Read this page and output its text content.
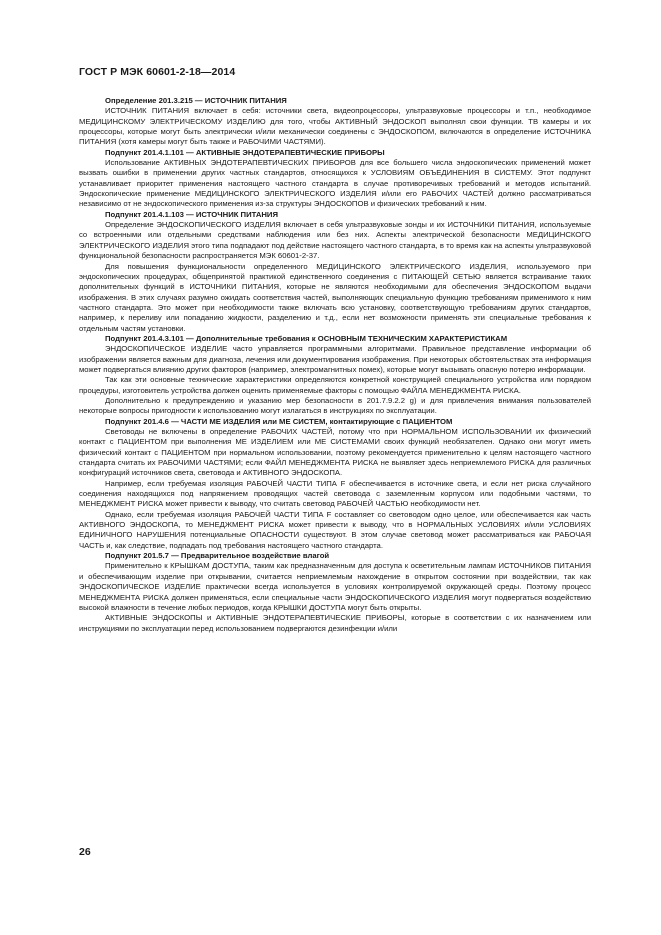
ГОСТ Р МЭК 60601-2-18—2014

Определение 201.3.215 — ИСТОЧНИК ПИТАНИЯ

ИСТОЧНИК ПИТАНИЯ включает в себя: источники света, видеопроцессоры, ультразвуковые процессоры и т.п., необходимое МЕДИЦИНСКОМУ ЭЛЕКТРИЧЕСКОМУ ИЗДЕЛИЮ для того, чтобы АКТИВНЫЙ ЭНДОСКОП выполнял свои функции. ТВ камеры и их процессоры, которые могут быть электрически и/или механически соединены с ЭНДОСКОПОМ, включаются в определение ИСТОЧНИКА ПИТАНИЯ (хотя камеры могут быть также и РАБОЧИМИ ЧАСТЯМИ).

Подпункт 201.4.1.101 — АКТИВНЫЕ ЭНДОТЕРАПЕВТИЧЕСКИЕ ПРИБОРЫ

Использование АКТИВНЫХ ЭНДОТЕРАПЕВТИЧЕСКИХ ПРИБОРОВ для все большего числа эндоскопических применений может вызвать ошибки в применении других частных стандартов, относящихся к УСЛОВИЯМ ОБЪЕДИНЕНИЯ В СИСТЕМУ. Этот подпункт устанавливает приоритет применения настоящего частного стандарта в случае противоречивых требований и методов испытаний. Эндоскопические применение МЕДИЦИНСКОГО ЭЛЕКТРИЧЕСКОГО ИЗДЕЛИЯ и/или его РАБОЧИХ ЧАСТЕЙ должно рассматриваться независимо от не эндоскопического применения из-за структуры ЭНДОСКОПОВ и физических требований к ним.

Подпункт 201.4.1.103 — ИСТОЧНИК ПИТАНИЯ

Определение ЭНДОСКОПИЧЕСКОГО ИЗДЕЛИЯ включает в себя ультразвуковые зонды и их ИСТОЧНИКИ ПИТАНИЯ, используемые со встроенными или отдельными средствами наблюдения или без них. Аспекты электрической безопасности МЕДИЦИНСКОГО ЭЛЕКТРИЧЕСКОГО ИЗДЕЛИЯ этого типа подпадают под действие настоящего частного стандарта, в то время как на аспекты ультразвуковой функциональной безопасности распространяется МЭК 60601-2-37.

Для повышения функциональности определенного МЕДИЦИНСКОГО ЭЛЕКТРИЧЕСКОГО ИЗДЕЛИЯ, используемого при эндоскопических процедурах, общепринятой практикой единственного соединения с ПИТАЮЩЕЙ СЕТЬЮ является встраивание таких дополнительных функций в ИСТОЧНИКИ ПИТАНИЯ, которые не являются необходимыми для обеспечения ЭНДОСКОПОМ выдачи изображения. В этих случаях разумно ожидать соответствия частей, выполняющих специальную функцию требованиям применимого к ним частного стандарта. Это может при необходимости также включать всю установку, соответствующую требованиям других стандартов, например, к переливу или попаданию жидкости, разделению и т.д., если нет возможности применять эти специальные требования к отдельным частям установки.

Подпункт 201.4.3.101 — Дополнительные требования к ОСНОВНЫМ ТЕХНИЧЕСКИМ ХАРАКТЕРИСТИКАМ

ЭНДОСКОПИЧЕСКОЕ ИЗДЕЛИЕ часто управляется программными алгоритмами. Правильное представление информации об изображении является важным для диагноза, лечения или документирования изображения. При некоторых обстоятельствах эта информация может подвергаться влиянию других факторов (например, электромагнитных помех), которые могут вызывать опасную потерю информации.

Так как эти основные технические характеристики определяются конкретной конструкцией специального устройства или порядком процедуры, изготовитель устройства должен оценить применяемые факторы с помощью ФАЙЛА МЕНЕДЖМЕНТА РИСКА.

Дополнительно к предупреждению и указанию мер безопасности в 201.7.9.2.2 g) и для привлечения внимания пользователей некоторые вопросы пригодности к использованию могут излагаться в инструкциях по эксплуатации.

Подпункт 201.4.6 — ЧАСТИ МЕ ИЗДЕЛИЯ или МЕ СИСТЕМ, контактирующие с ПАЦИЕНТОМ

Световоды не включены в определение РАБОЧИХ ЧАСТЕЙ, потому что при НОРМАЛЬНОМ ИСПОЛЬЗОВАНИИ их физический контакт с ПАЦИЕНТОМ при выполнения МЕ ИЗДЕЛИЕМ или МЕ СИСТЕМАМИ своих функций необязателен. Однако они могут иметь физический контакт с ПАЦИЕНТОМ при нормальном использовании, поэтому рекомендуется применительно к целям настоящего частного стандарта считать их РАБОЧИМИ ЧАСТЯМИ; если ФАЙЛ МЕНЕДЖМЕНТА РИСКА не выявляет здесь неприемлемого РИСКА для различных конфигураций источников света, световода и АКТИВНОГО ЭНДОСКОПА.

Например, если требуемая изоляция РАБОЧЕЙ ЧАСТИ ТИПА F обеспечивается в источнике света, и если нет риска случайного соединения находящихся под напряжением проводящих частей световода с заземленным корпусом или подобными частями, то МЕНЕДЖМЕНТ РИСКА может привести к выводу, что считать световод РАБОЧЕЙ ЧАСТЬЮ необходимости нет.

Однако, если требуемая изоляция РАБОЧЕЙ ЧАСТИ ТИПА F составляет со световодом одно целое, или обеспечивается как часть АКТИВНОГО ЭНДОСКОПА, то МЕНЕДЖМЕНТ РИСКА может привести к выводу, что в НОРМАЛЬНЫХ УСЛОВИЯХ и/или УСЛОВИЯХ ЕДИНИЧНОГО НАРУШЕНИЯ потенциальные ОПАСНОСТИ существуют. В этом случае световод может рассматриваться как РАБОЧАЯ ЧАСТЬ и, как следствие, подпадать под требования настоящего частного стандарта.

Подпункт 201.5.7 — Предварительное воздействие влагой

Применительно к КРЫШКАМ ДОСТУПА, таким как предназначенным для доступа к осветительным лампам ИСТОЧНИКОВ ПИТАНИЯ и обеспечивающим изделие при открывании, считается неприемлемым нахождение в открытом состоянии при воздействии, так как ЭНДОСКОПИЧЕСКОЕ ИЗДЕЛИЕ практически всегда используется в условиях контролируемой окружающей среды. Поэтому процесс МЕНЕДЖМЕНТА РИСКА должен применяться, если специальные части ЭНДОСКОПИЧЕСКОГО ИЗДЕЛИЯ могут подвергаться воздействию высокой влажности в течение любых периодов, когда КРЫШКИ ДОСТУПА могут быть открыты.

АКТИВНЫЕ ЭНДОСКОПЫ и АКТИВНЫЕ ЭНДОТЕРАПЕВТИЧЕСКИЕ ПРИБОРЫ, которые в соответствии с их назначением или инструкциями по эксплуатации перед использованием подвергаются дезинфекции и/или

26
